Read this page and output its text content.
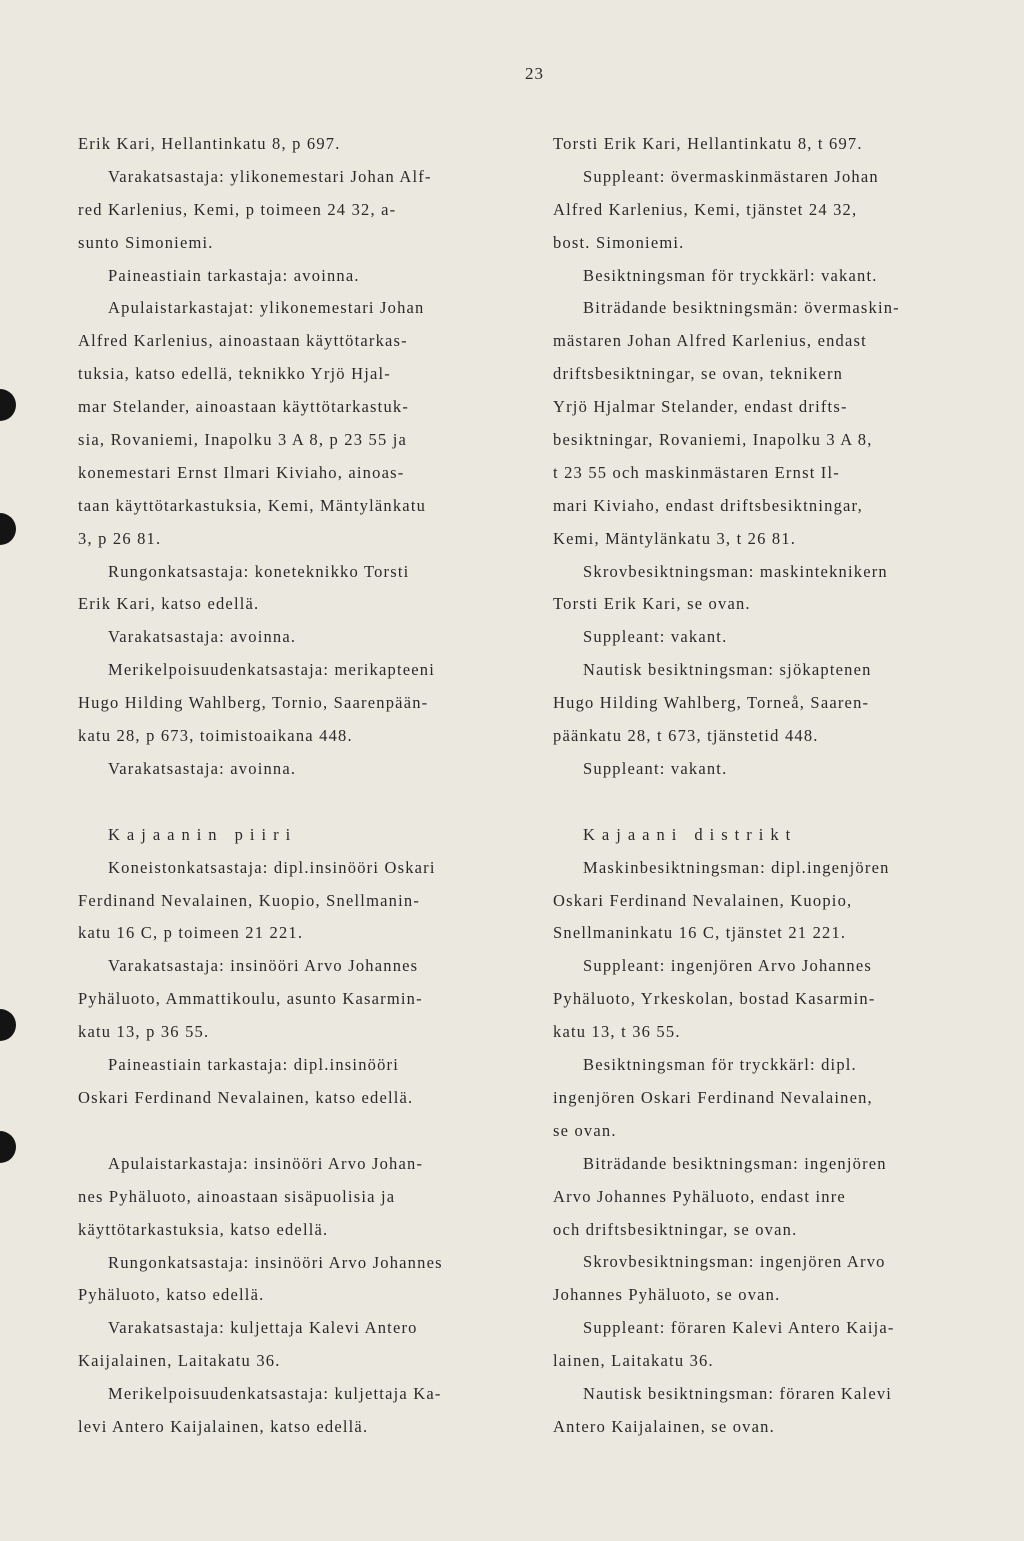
23
Erik Kari, Hellantinkatu 8, p 697.
Varakatsastaja: ylikonemestari Johan Alf-
red Karlenius, Kemi, p toimeen 24 32, a-
sunto Simoniemi.
Paineastiain tarkastaja: avoinna.
Apulaistarkastajat: ylikonemestari Johan
Alfred Karlenius, ainoastaan käyttötarkas-
tuksia, katso edellä, teknikko Yrjö Hjal-
mar Stelander, ainoastaan käyttötarkastuk-
sia, Rovaniemi, Inapolku 3 A 8, p 23 55 ja
konemestari Ernst Ilmari Kiviaho, ainoas-
taan käyttötarkastuksia, Kemi, Mäntylänkatu
3, p 26 81.
Rungonkatsastaja: koneteknikko Torsti
Erik Kari, katso edellä.
Varakatsastaja: avoinna.
Merikelpoisuudenkatsastaja: merikapteeni
Hugo Hilding Wahlberg, Tornio, Saarenpään-
katu 28, p 673, toimistoaikana 448.
Varakatsastaja: avoinna.
Kajaanin piiri
Koneistonkatsastaja: dipl.insinööri Oskari
Ferdinand Nevalainen, Kuopio, Snellmanin-
katu 16 C, p toimeen 21 221.
Varakatsastaja: insinööri Arvo Johannes
Pyhäluoto, Ammattikoulu, asunto Kasarmin-
katu 13, p 36 55.
Paineastiain tarkastaja: dipl.insinööri
Oskari Ferdinand Nevalainen, katso edellä.
Apulaistarkastaja: insinööri Arvo Johan-
nes Pyhäluoto, ainoastaan sisäpuolisia ja
käyttötarkastuksia, katso edellä.
Rungonkatsastaja: insinööri Arvo Johannes
Pyhäluoto, katso edellä.
Varakatsastaja: kuljettaja Kalevi Antero
Kaijalainen, Laitakatu 36.
Merikelpoisuudenkatsastaja: kuljettaja Ka-
levi Antero Kaijalainen, katso edellä.
Torsti Erik Kari, Hellantinkatu 8, t 697.
Suppleant: övermaskinmästaren Johan
Alfred Karlenius, Kemi, tjänstet 24 32,
bost. Simoniemi.
Besiktningsman för tryckkärl: vakant.
Biträdande besiktningsmän: övermaskin-
mästaren Johan Alfred Karlenius, endast
driftsbesiktningar, se ovan, teknikern
Yrjö Hjalmar Stelander, endast drifts-
besiktningar, Rovaniemi, Inapolku 3 A 8,
t 23 55 och maskinmästaren Ernst Il-
mari Kiviaho, endast driftsbesiktningar,
Kemi, Mäntylänkatu 3, t 26 81.
Skrovbesiktningsman: maskinteknikern
Torsti Erik Kari, se ovan.
Suppleant: vakant.
Nautisk besiktningsman: sjökaptenen
Hugo Hilding Wahlberg, Torneå, Saaren-
päänkatu 28, t 673, tjänstetid 448.
Suppleant: vakant.
Kajaani distrikt
Maskinbesiktningsman: dipl.ingenjören
Oskari Ferdinand Nevalainen, Kuopio,
Snellmaninkatu 16 C, tjänstet 21 221.
Suppleant: ingenjören Arvo Johannes
Pyhäluoto, Yrkeskolan, bostad Kasarmin-
katu 13, t 36 55.
Besiktningsman för tryckkärl: dipl.
ingenjören Oskari Ferdinand Nevalainen,
se ovan.
Biträdande besiktningsman: ingenjören
Arvo Johannes Pyhäluoto, endast inre
och driftsbesiktningar, se ovan.
Skrovbesiktningsman: ingenjören Arvo
Johannes Pyhäluoto, se ovan.
Suppleant: föraren Kalevi Antero Kaija-
lainen, Laitakatu 36.
Nautisk besiktningsman: föraren Kalevi
Antero Kaijalainen, se ovan.
